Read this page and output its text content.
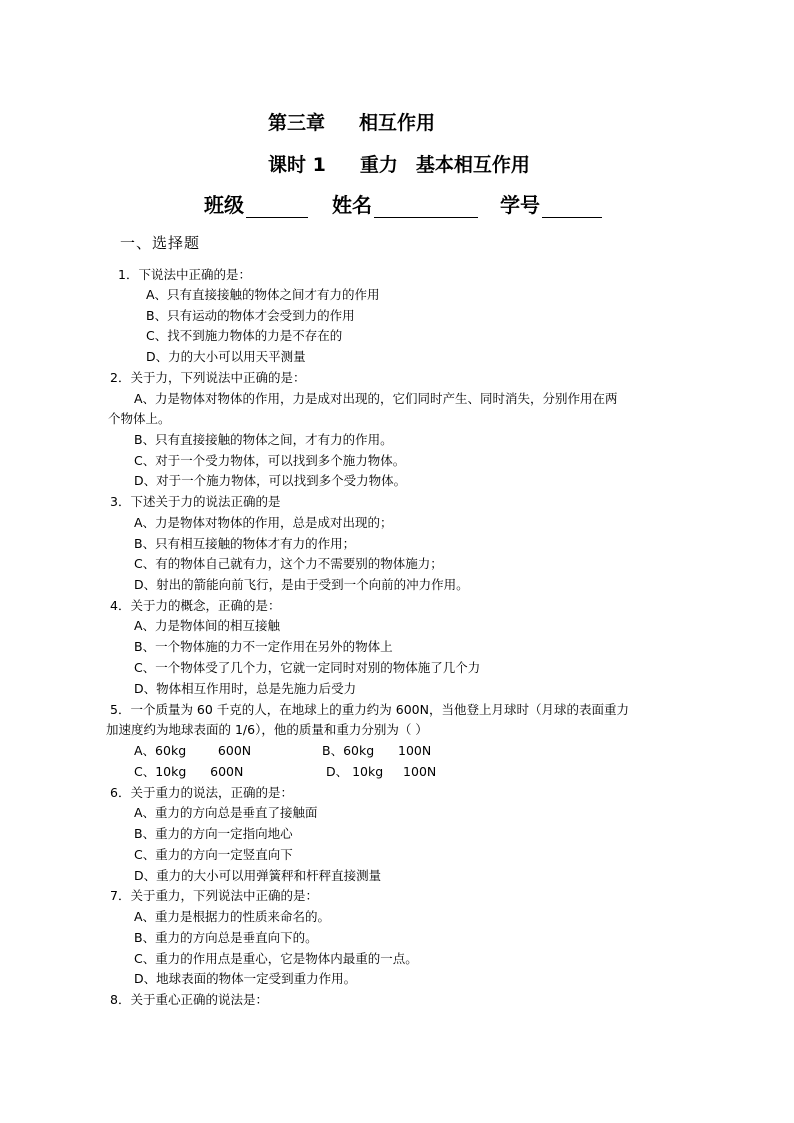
第三章 相互作用
课时 1 重力 基本相互作用
班级	姓名	学号
一、选择题
1．下说法中正确的是：
A、只有直接接触的物体之间才有力的作用
B、只有运动的物体才会受到力的作用
C、找不到施力物体的力是不存在的
D、力的大小可以用天平测量
2．关于力，下列说法中正确的是：
A、力是物体对物体的作用，力是成对出现的，它们同时产生、同时消失，分别作用在两
个物体上。
B、只有直接接触的物体之间，才有力的作用。
C、对于一个受力物体，可以找到多个施力物体。
D、对于一个施力物体，可以找到多个受力物体。
3．下述关于力的说法正确的是
A、力是物体对物体的作用，总是成对出现的；
B、只有相互接触的物体才有力的作用；
C、有的物体自己就有力，这个力不需要别的物体施力；
D、射出的箭能向前飞行，是由于受到一个向前的冲力作用。
4．关于力的概念，正确的是：
A、力是物体间的相互接触
B、一个物体施的力不一定作用在另外的物体上
C、一个物体受了几个力，它就一定同时对别的物体施了几个力
D、物体相互作用时，总是先施力后受力
5．一个质量为 60 千克的人，在地球上的重力约为 600N，当他登上月球时（月球的表面重力
加速度约为地球表面的 1/6），他的质量和重力分别为（ ）
A、60kg        600N	B、60kg      100N
C、10kg      600N	D、 10kg     100N
6．关于重力的说法，正确的是：
A、重力的方向总是垂直了接触面
B、重力的方向一定指向地心
C、重力的方向一定竖直向下
D、重力的大小可以用弹簧秤和杆秤直接测量
7．关于重力，下列说法中正确的是：
A、重力是根据力的性质来命名的。
B、重力的方向总是垂直向下的。
C、重力的作用点是重心，它是物体内最重的一点。
D、地球表面的物体一定受到重力作用。
8．关于重心正确的说法是：
